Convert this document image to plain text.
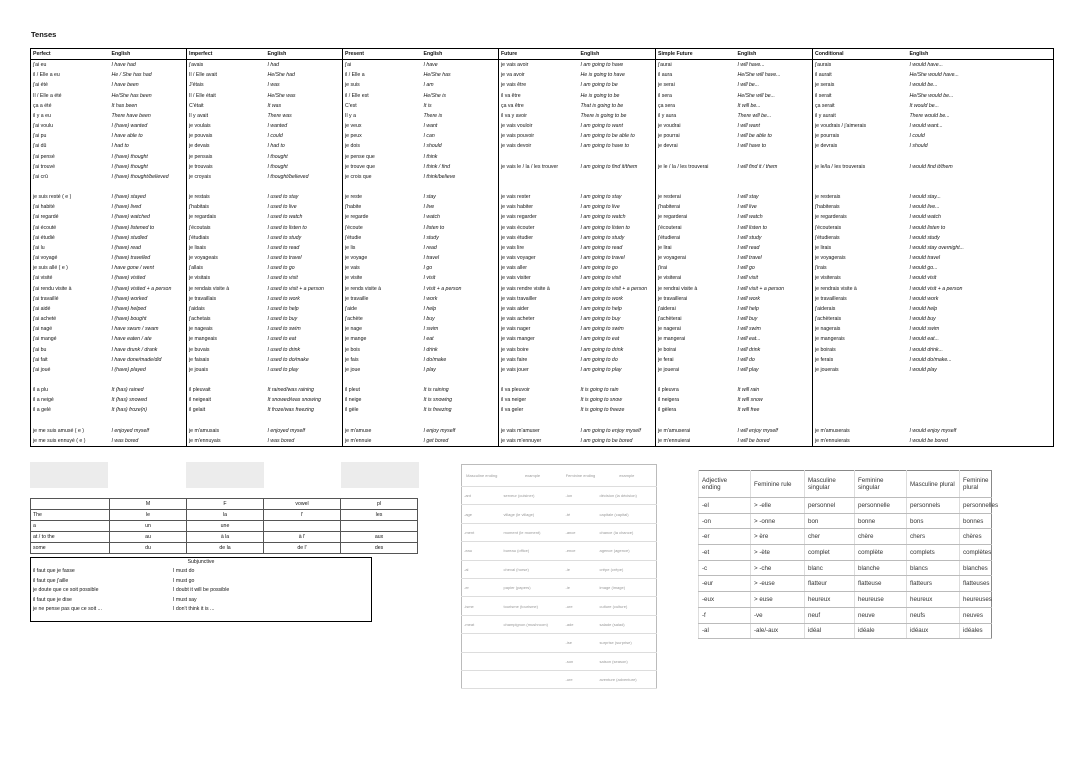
Tenses
Perfect	English	Imperfect	English	Present	English	Future	English	Simple Future	English	Conditional	English
j'ai eu	I have had	j'avais	I had	j'ai	I have	je vais avoir	I am going to have	j'aurai	I will have...	j'aurais	I would have...
il / Elle a eu	He / She has had	Il / Elle avait	He/She had	il / Elle a	He/She has	je va avoir	He is going to have	il aura	He/She will have...	il aurait	He/She would have...
j'ai été	I have been	J'étais	I was	je suis	I am	je vais être	I am going to be	je serai	I will be...	je serais	I would be...
Il / Elle a été	He/She has been	Il / Elle était	He/She was	il / Elle est	He/She is	il va être	He is going to be	il sera	He/She will be...	il serait	He/She would be...
ça a été	It has been	C'était	It was	C'est	It is	ça va être	That is going to be	ça sera	It will be...	ça serait	It would be...
il y a eu	There have been	Il y avait	There was	Il y a	There is	il va y avoir	There is going to be	il y aura	There will be...	il y aurait	There would be...
j'ai voulu	I (have) wanted	je voulais	I wanted	je veux	I want	je vais vouloir	I am going to want	je voudrai	I will want	je voudrais / j'aimerais	I would want...
j'ai pu	I have able to	je pouvais	I could	je peux	I can	je vais pouvoir	I am going to be able to	je pourrai	I will be able to	je pourrais	I could
j'ai dû	I had to	je devais	I had to	je dois	I should	je vais devoir	I am going to have to	je devrai	I will have to	je devrais	I should
j'ai pensé	I (have) thought	je pensais	I thought	je pense que	I think						
j'ai trouvé	I (have) thought	je trouvais	I thought	je trouve que	I think / find	je vais le / la / les trouver	I am going to find it/them	je le / la / les trouverai	I will find it / them	je le/la / les trouverais	I would find it/them
j'ai crû	I (have) thought/believed	je croyais	I thought/believed	je crois que	I think/believe						

je suis resté ( e )	I (have) stayed	je restais	I used to stay	je reste	I stay	je vais rester	I am going to stay	je resterai	I will stay	je resterais	I would stay...
j'ai habité	I (have) lived	j'habitais	I used to live	j'habite	I live	je vais habiter	I am going to live	j'habiterai	I will live	j'habiterais	I would live...
j'ai regardé	I (have) watched	je regardais	I used to watch	je regarde	I watch	je vais regarder	I am going to watch	je regarderai	I will watch	je regarderais	I would watch
j'ai écouté	I (have) listened to	j'écoutais	I used to listen to	j'écoute	I listen to	je vais écouter	I am going to listen to	j'écouterai	I will listen to	j'écouterais	I would listen to
j'ai étudié	I (have) studied	j'étudiais	I used to study	j'étudie	I study	je vais étudier	I am going to study	j'étudierai	I will study	j'étudierais	I would study
j'ai lu	I (have) read	je lisais	I used to read	je lis	I read	je vais lire	I am going to read	je lirai	I will read	je lirais	I would stay overnight...
j'ai voyagé	I (have) travelled	je voyageais	I used to travel	je voyage	I travel	je vais voyager	I am going to travel	je voyagerai	I will travel	je voyagerais	I would travel
je suis allé ( e )	I have gone / went	j'allais	I used to go	je vais	I go	je vais aller	I am going to go	j'irai	I will go	j'irais	I would go...
j'ai visité	I (have) visited	je visitais	I used to visit	je visite	I visit	je vais visiter	I am going to visit	je visiterai	I will visit	je visiterais	I would visit
j'ai rendu visite à	I (have) visited + a person	je rendais visite à	I used to visit + a person	je rends visite à	I visit + a person	je vais rendre visite à	I am going to visit + a person	je rendrai visite à	I will visit + a person	je rendrais visite à	I would visit + a person
j'ai travaillé	I (have) worked	je travaillais	I used to work	je travaille	I work	je vais travailler	I am going to work	je travaillerai	I will work	je travaillerais	I would work
j'ai aidé	I (have) helped	j'aidais	I used to help	j'aide	I help	je vais aider	I am going to help	j'aiderai	I will help	j'aiderais	I would help
j'ai acheté	I (have) bought	j'achetais	I used to buy	j'achète	I buy	je vais acheter	I am going to buy	j'achèterai	I will buy	j'achèterais	I would buy
j'ai nagé	I have swum / swam	je nageais	I used to swim	je nage	I swim	je vais nager	I am going to swim	je nagerai	I will swim	je nagerais	I would swim
j'ai mangé	I have eaten / ate	je mangeais	I used to eat	je mange	I eat	je vais manger	I am going to eat	je mangerai	I will eat...	je mangerais	I would eat...
j'ai bu	I have drunk / drank	je buvais	I used to drink	je bois	I drink	je vais boire	I am going to drink	je boirai	I will drink	je boirais	I would drink...
j'ai fait	I have done/made/did	je faisais	I used to do/make	je fais	I do/make	je vais faire	I am going to do	je ferai	I will do	je ferais	I would do/make...
j'ai joué	I (have) played	je jouais	I used to play	je joue	I play	je vais jouer	I am going to play	je jouerai	I will play	je jouerais	I would play

il a plu	It (has) rained	il pleuvait	It rained/was raining	il pleut	It is raining	il va pleuvoir	It is going to rain	il pleuvra	It will rain		
il a neigé	It (has) snowed	il neigeait	It snowed/was snowing	il neige	It is snowing	il va neiger	It is going to snow	il neigera	It will snow		
il a gelé	It (has) froze(n)	il gelait	It froze/was freezing	il gèle	It is freezing	il va geler	It is going to freeze	il gèlera	It will free		

je me suis amusé ( e )	I enjoyed myself	je m'amusais	I enjoyed myself	je m'amuse	I enjoy myself	je vais m'amuser	I am going to enjoy myself	je m'amuserai	I will enjoy myself	je m'amuserais	I would enjoy myself
je me suis ennuyé ( e )	I was bored	je m'ennuyais	I was bored	je m'ennuie	I get bored	je vais m'ennuyer	I am going to be bored	je m'ennuierai	I will be bored	je m'ennuierais	I would be bored
	M	F	vowel	pl
The	le	la	l'	les
a	un	une		
at / to the	au	à la	à l'	aux
some	du	de la	de l'	des
Subjunctive
il faut que je fasse	I must do
il faut que j'aille	I must go
je doute que ce soit possible	I doubt it will be possible
il faut que je dise	I must say
je ne pense pas que ce soit ...	I don't think it is ...
Masculine ending	example	Feminine ending	example
-ant	serveur (cuisiner)	-ion	décision (la décision)
-age	village (le village)	-té	capitale (capital)
-ment	moment (le moment)	-ance	chance (la chance)
-eau	bureau (office)	-ence	agence (agence)
-al	cheval (horse)	-ie	crêpe (crêpe)
-er	papier (papers)	-ie	image (image)
-isme	tourisme (tourisme)	-ure	culture (culture)
-meat	champignon (mushroom)	-ade	salade (salad)
		-ise	surprise (surprise)
		-son	saison (season)
		-ure	aventure (adventure)
Adjective ending	Feminine rule	Masculine singular	Feminine singular	Masculine plural	Feminine plural
-el	> -elle	personnel	personnelle	personnels	personnelles
-on	> -onne	bon	bonne	bons	bonnes
-er	> ère	cher	chère	chers	chères
-et	> -ète	complet	complète	complets	complètes
-c	> -che	blanc	blanche	blancs	blanches
-eur	> -euse	flatteur	flatteuse	flatteurs	flatteuses
-eux	> euse	heureux	heureuse	heureux	heureuses
-f	-ve	neuf	neuve	neufs	neuves
-al	-ale/-aux	idéal	idéale	idéaux	idéales
